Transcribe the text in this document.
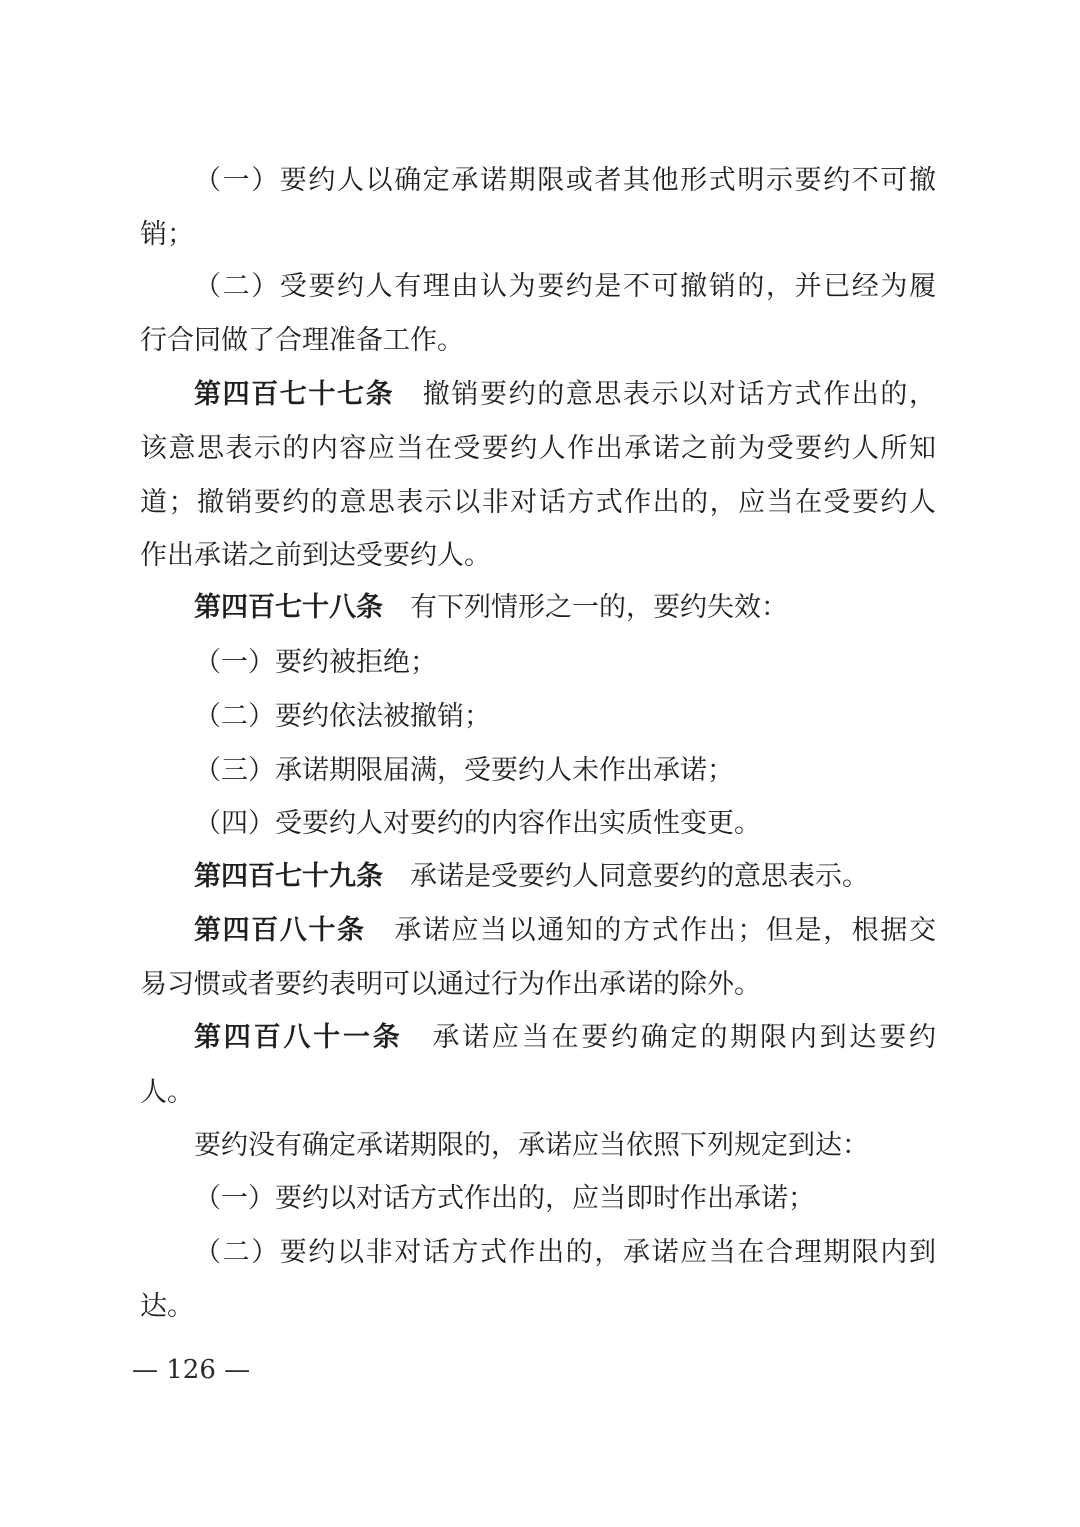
（一）要约人以确定承诺期限或者其他形式明示要约不可撤
销；
（二）受要约人有理由认为要约是不可撤销的，并已经为履
行合同做了合理准备工作。
第四百七十七条　撤销要约的意思表示以对话方式作出的，
该意思表示的内容应当在受要约人作出承诺之前为受要约人所知
道；撤销要约的意思表示以非对话方式作出的，应当在受要约人
作出承诺之前到达受要约人。
第四百七十八条　有下列情形之一的，要约失效：
（一）要约被拒绝；
（二）要约依法被撤销；
（三）承诺期限届满，受要约人未作出承诺；
（四）受要约人对要约的内容作出实质性变更。
第四百七十九条　承诺是受要约人同意要约的意思表示。
第四百八十条　承诺应当以通知的方式作出；但是，根据交
易习惯或者要约表明可以通过行为作出承诺的除外。
第四百八十一条　承诺应当在要约确定的期限内到达要约
人。
要约没有确定承诺期限的，承诺应当依照下列规定到达：
（一）要约以对话方式作出的，应当即时作出承诺；
（二）要约以非对话方式作出的，承诺应当在合理期限内到
达。
— 126 —
